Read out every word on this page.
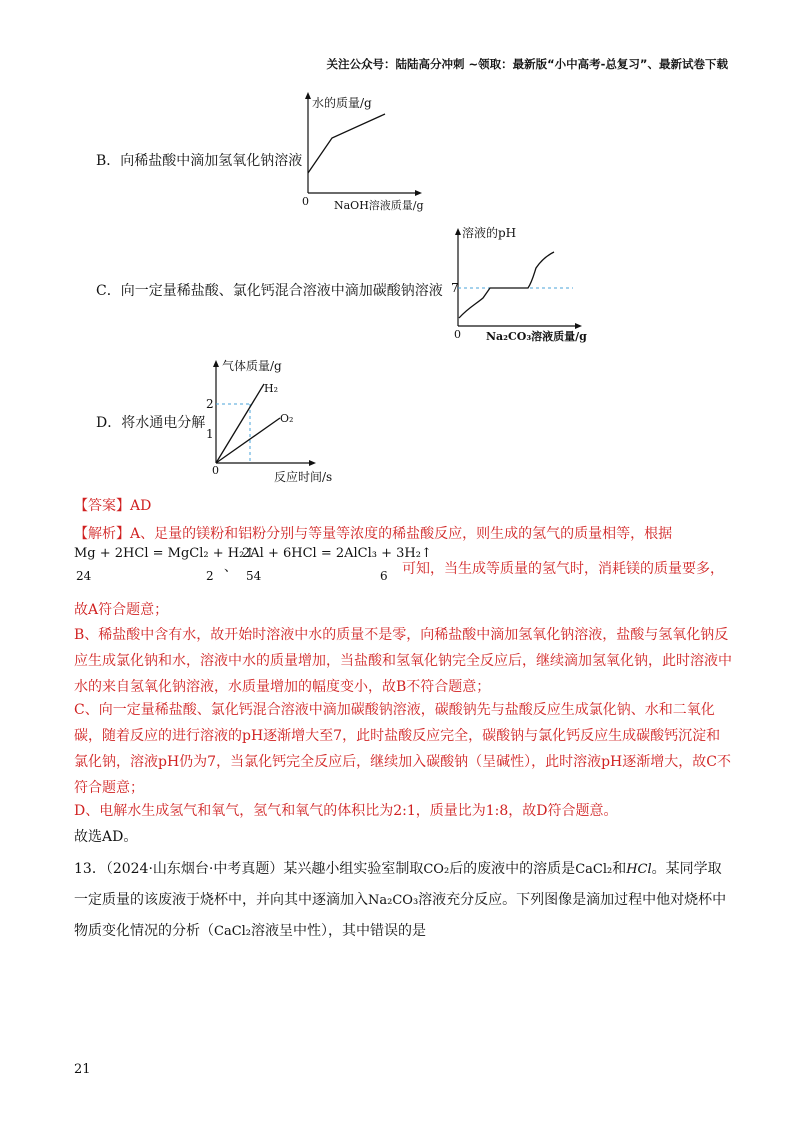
关注公众号：陆陆高分冲刺 ~领取：最新版“小中高考-总复习”、最新试卷下载
B．向稀盐酸中滴加氢氧化钠溶液
水的质量/g
0 NaOH溶液质量/g
C．向一定量稀盐酸、氯化钙混合溶液中滴加碳酸钠溶液
溶液的pH
7
0 Na₂CO₃溶液质量/g
D．将水通电分解
气体质量/g
2
1
0
H₂
O₂
反应时间/s
【答案】AD
【解析】A、足量的镁粉和铝粉分别与等量等浓度的稀盐酸反应，则生成的氢气的质量相等，根据
Mg + 2HCl = MgCl₂ + H₂↑
24	2
、
2Al + 6HCl = 2AlCl₃ + 3H₂↑
54	6 可知，当生成等质量的氢气时，消耗镁的质量要多，
故A符合题意；
B、稀盐酸中含有水，故开始时溶液中水的质量不是零，向稀盐酸中滴加氢氧化钠溶液，盐酸与氢氧化钠反应生成氯化钠和水，溶液中水的质量增加，当盐酸和氢氧化钠完全反应后，继续滴加氢氧化钠，此时溶液中水的来自氢氧化钠溶液，水质量增加的幅度变小，故B不符合题意；
C、向一定量稀盐酸、氯化钙混合溶液中滴加碳酸钠溶液，碳酸钠先与盐酸反应生成氯化钠、水和二氧化碳，随着反应的进行溶液的pH逐渐增大至7，此时盐酸反应完全，碳酸钠与氯化钙反应生成碳酸钙沉淀和氯化钠，溶液pH仍为7，当氯化钙完全反应后，继续加入碳酸钠（呈碱性），此时溶液pH逐渐增大，故C不符合题意；
D、电解水生成氢气和氧气，氢气和氧气的体积比为2:1，质量比为1:8，故D符合题意。
故选AD。
13．（2024·山东烟台·中考真题）某兴趣小组实验室制取CO₂后的废液中的溶质是CaCl₂和HCl。某同学取一定质量的该废液于烧杯中，并向其中逐滴加入Na₂CO₃溶液充分反应。下列图像是滴加过程中他对烧杯中物质变化情况的分析（CaCl₂溶液呈中性），其中错误的是
21
